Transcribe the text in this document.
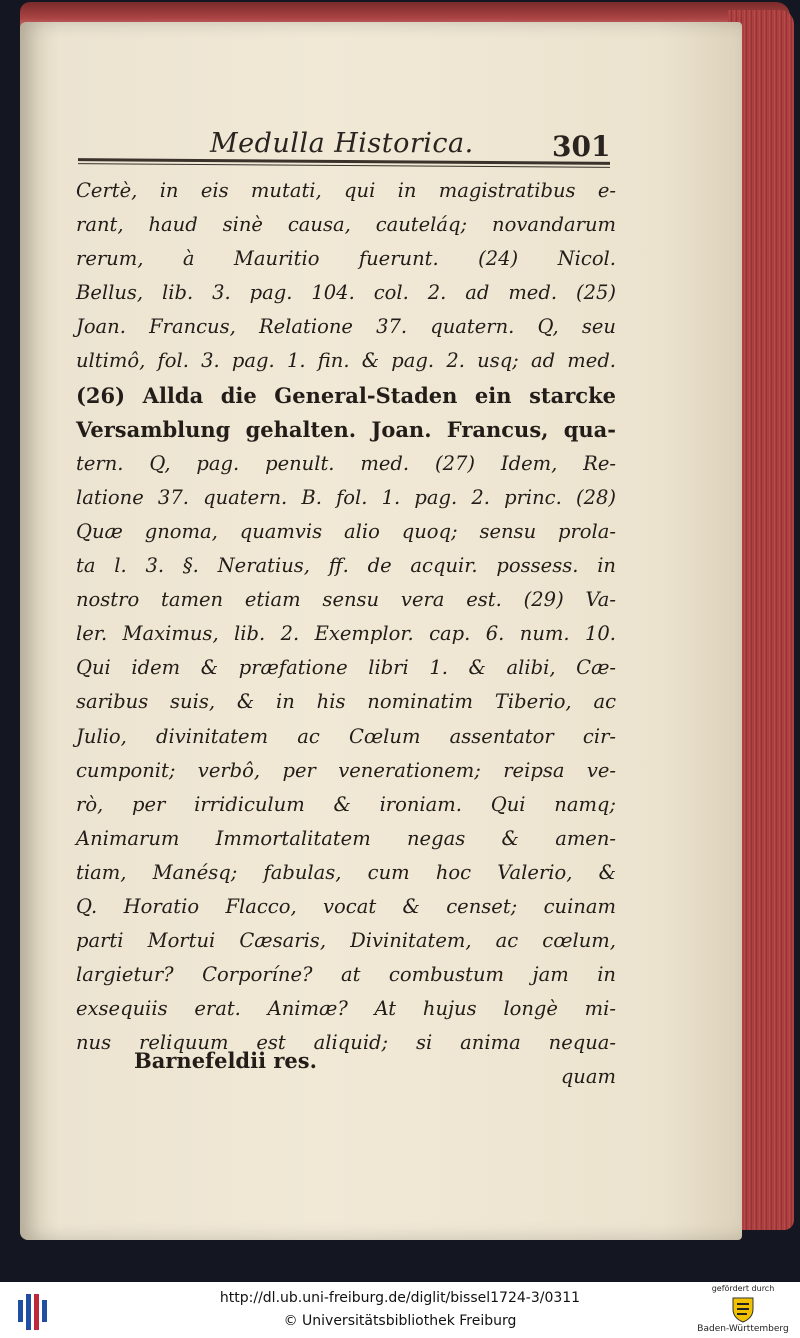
Medulla Historica.	301
Certè, in eis mutati, qui in magistratibus e-
rant, haud sinè causa, cauteláq; novandarum
rerum, à Mauritio fuerunt. (24) Nicol.
Bellus, lib. 3. pag. 104. col. 2. ad med. (25)
Joan. Francus, Relatione 37. quatern. Q, seu
ultimô, fol. 3. pag. 1. fin. & pag. 2. usq; ad med.
(26) Allda die General-Staden ein starcke
Versamblung gehalten. Joan. Francus, qua-
tern. Q, pag. penult. med. (27) Idem, Re-
latione 37. quatern. B. fol. 1. pag. 2. princ. (28)
Quæ gnoma, quamvis alio quoq; sensu prola-
ta l. 3. §. Neratius, ff. de acquir. possess. in
nostro tamen etiam sensu vera est. (29) Va-
ler. Maximus, lib. 2. Exemplor. cap. 6. num. 10.
Qui idem & præfatione libri 1. & alibi, Cæ-
saribus suis, & in his nominatim Tiberio, ac
Julio, divinitatem ac Cœlum assentator cir-
cumponit; verbô, per venerationem; reipsa ve-
rò, per irridiculum & ironiam. Qui namq;
Animarum Immortalitatem negas & amen-
tiam, Manésq; fabulas, cum hoc Valerio, &
Q. Horatio Flacco, vocat & censet; cuinam
parti Mortui Cæsaris, Divinitatem, ac cœlum,
largietur? Corporíne? at combustum jam in
exsequiis erat. Animæ? At hujus longè mi-
nus reliquum est aliquid; si anima nequa-
quam
Barnefeldii res.
http://dl.ub.uni-freiburg.de/diglit/bissel1724-3/0311
© Universitätsbibliothek Freiburg
gefördert durch
Baden-Württemberg
